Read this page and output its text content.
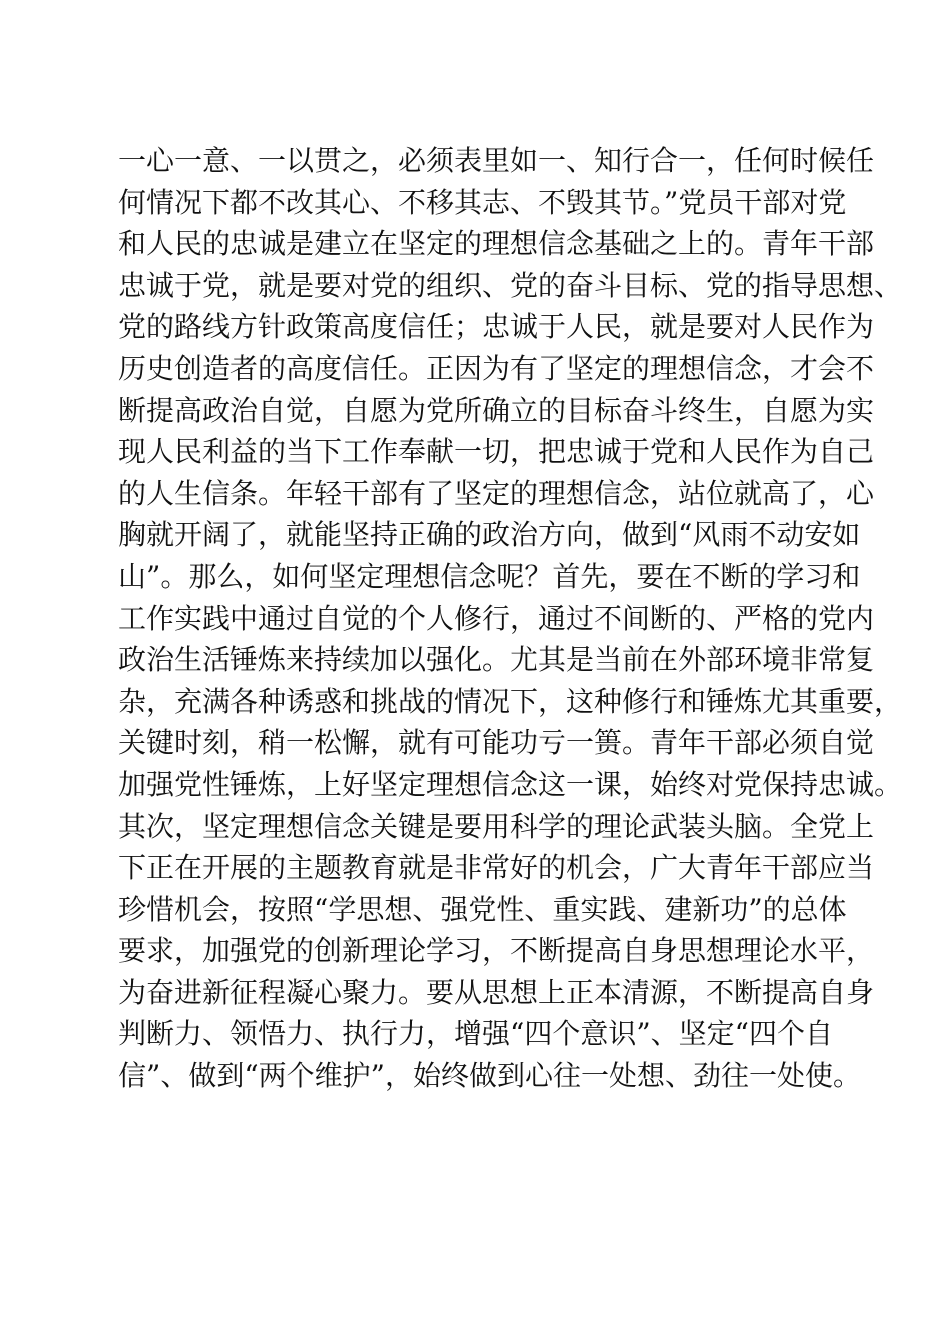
一心一意、一以贯之，必须表里如一、知行合一，任何时候任
何情况下都不改其心、不移其志、不毁其节。”党员干部对党
和人民的忠诚是建立在坚定的理想信念基础之上的。青年干部
忠诚于党，就是要对党的组织、党的奋斗目标、党的指导思想、
党的路线方针政策高度信任；忠诚于人民，就是要对人民作为
历史创造者的高度信任。正因为有了坚定的理想信念，才会不
断提高政治自觉，自愿为党所确立的目标奋斗终生，自愿为实
现人民利益的当下工作奉献一切，把忠诚于党和人民作为自己
的人生信条。年轻干部有了坚定的理想信念，站位就高了，心
胸就开阔了，就能坚持正确的政治方向，做到“风雨不动安如
山”。那么，如何坚定理想信念呢？首先，要在不断的学习和
工作实践中通过自觉的个人修行，通过不间断的、严格的党内
政治生活锤炼来持续加以强化。尤其是当前在外部环境非常复
杂，充满各种诱惑和挑战的情况下，这种修行和锤炼尤其重要，
关键时刻，稍一松懈，就有可能功亏一篑。青年干部必须自觉
加强党性锤炼，上好坚定理想信念这一课，始终对党保持忠诚。
其次，坚定理想信念关键是要用科学的理论武装头脑。全党上
下正在开展的主题教育就是非常好的机会，广大青年干部应当
珍惜机会，按照“学思想、强党性、重实践、建新功”的总体
要求，加强党的创新理论学习，不断提高自身思想理论水平，
为奋进新征程凝心聚力。要从思想上正本清源，不断提高自身
判断力、领悟力、执行力，增强“四个意识”、坚定“四个自
信”、做到“两个维护”，始终做到心往一处想、劲往一处使。
